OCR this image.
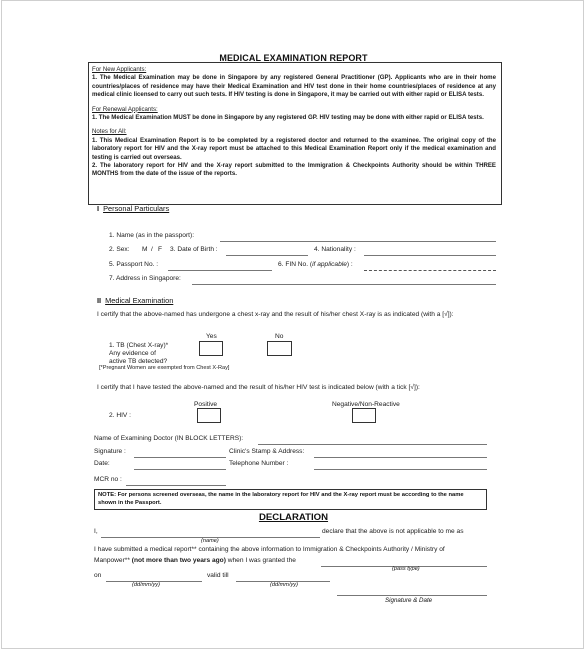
MEDICAL EXAMINATION REPORT
For New Applicants:

1. The Medical Examination may be done in Singapore by any registered General Practitioner (GP). Applicants who are in their home countries/places of residence may have their Medical Examination and HIV test done in their home countries/places of residence at any medical clinic licensed to carry out such tests. If HIV testing is done in Singapore, it may be carried out with either rapid or ELISA tests.

For Renewal Applicants:

1. The Medical Examination MUST be done in Singapore by any registered GP. HIV testing may be done with either rapid or ELISA tests.

Notes for All:

1. This Medical Examination Report is to be completed by a registered doctor and returned to the examinee. The original copy of the laboratory report for HIV and the X-ray report must be attached to this Medical Examination Report only if the medical examination and testing is carried out overseas.

2. The laboratory report for HIV and the X-ray report submitted to the Immigration & Checkpoints Authority should be within THREE MONTHS from the date of the issue of the reports.

I Personal Particulars
1. Name (as in the passport):
2. Sex: M / F 3. Date of Birth :	4. Nationality :
5. Passport No. :	6. FIN No. (if applicable) :
7. Address in Singapore:
II Medical Examination
I certify that the above-named has undergone a chest x-ray and the result of his/her chest X-ray is as indicated (with a [√]):
Yes	No
1. TB (Chest X-ray)*
Any evidence of
active TB detected?
[*Pregnant Women are exempted from Chest X-Ray]
I certify that I have tested the above-named and the result of his/her HIV test is indicated below (with a tick [√]):
Positive	Negative/Non-Reactive
2. HIV :
Name of Examining Doctor (IN BLOCK LETTERS):
Signature :	Clinic's Stamp & Address:
Date:	Telephone Number :
MCR no :
NOTE: For persons screened overseas, the name in the laboratory report for HIV and the X-ray report must be according to the name shown in the Passport.
DECLARATION
I,	declare that the above is not applicable to me as
(name)
I have submitted a medical report** containing the above information to Immigration & Checkpoints Authority / Ministry of
Manpower** (not more than two years ago) when I was granted the
(pass type)
on	valid till
(dd/mm/yy)	(dd/mm/yy)
Signature & Date
